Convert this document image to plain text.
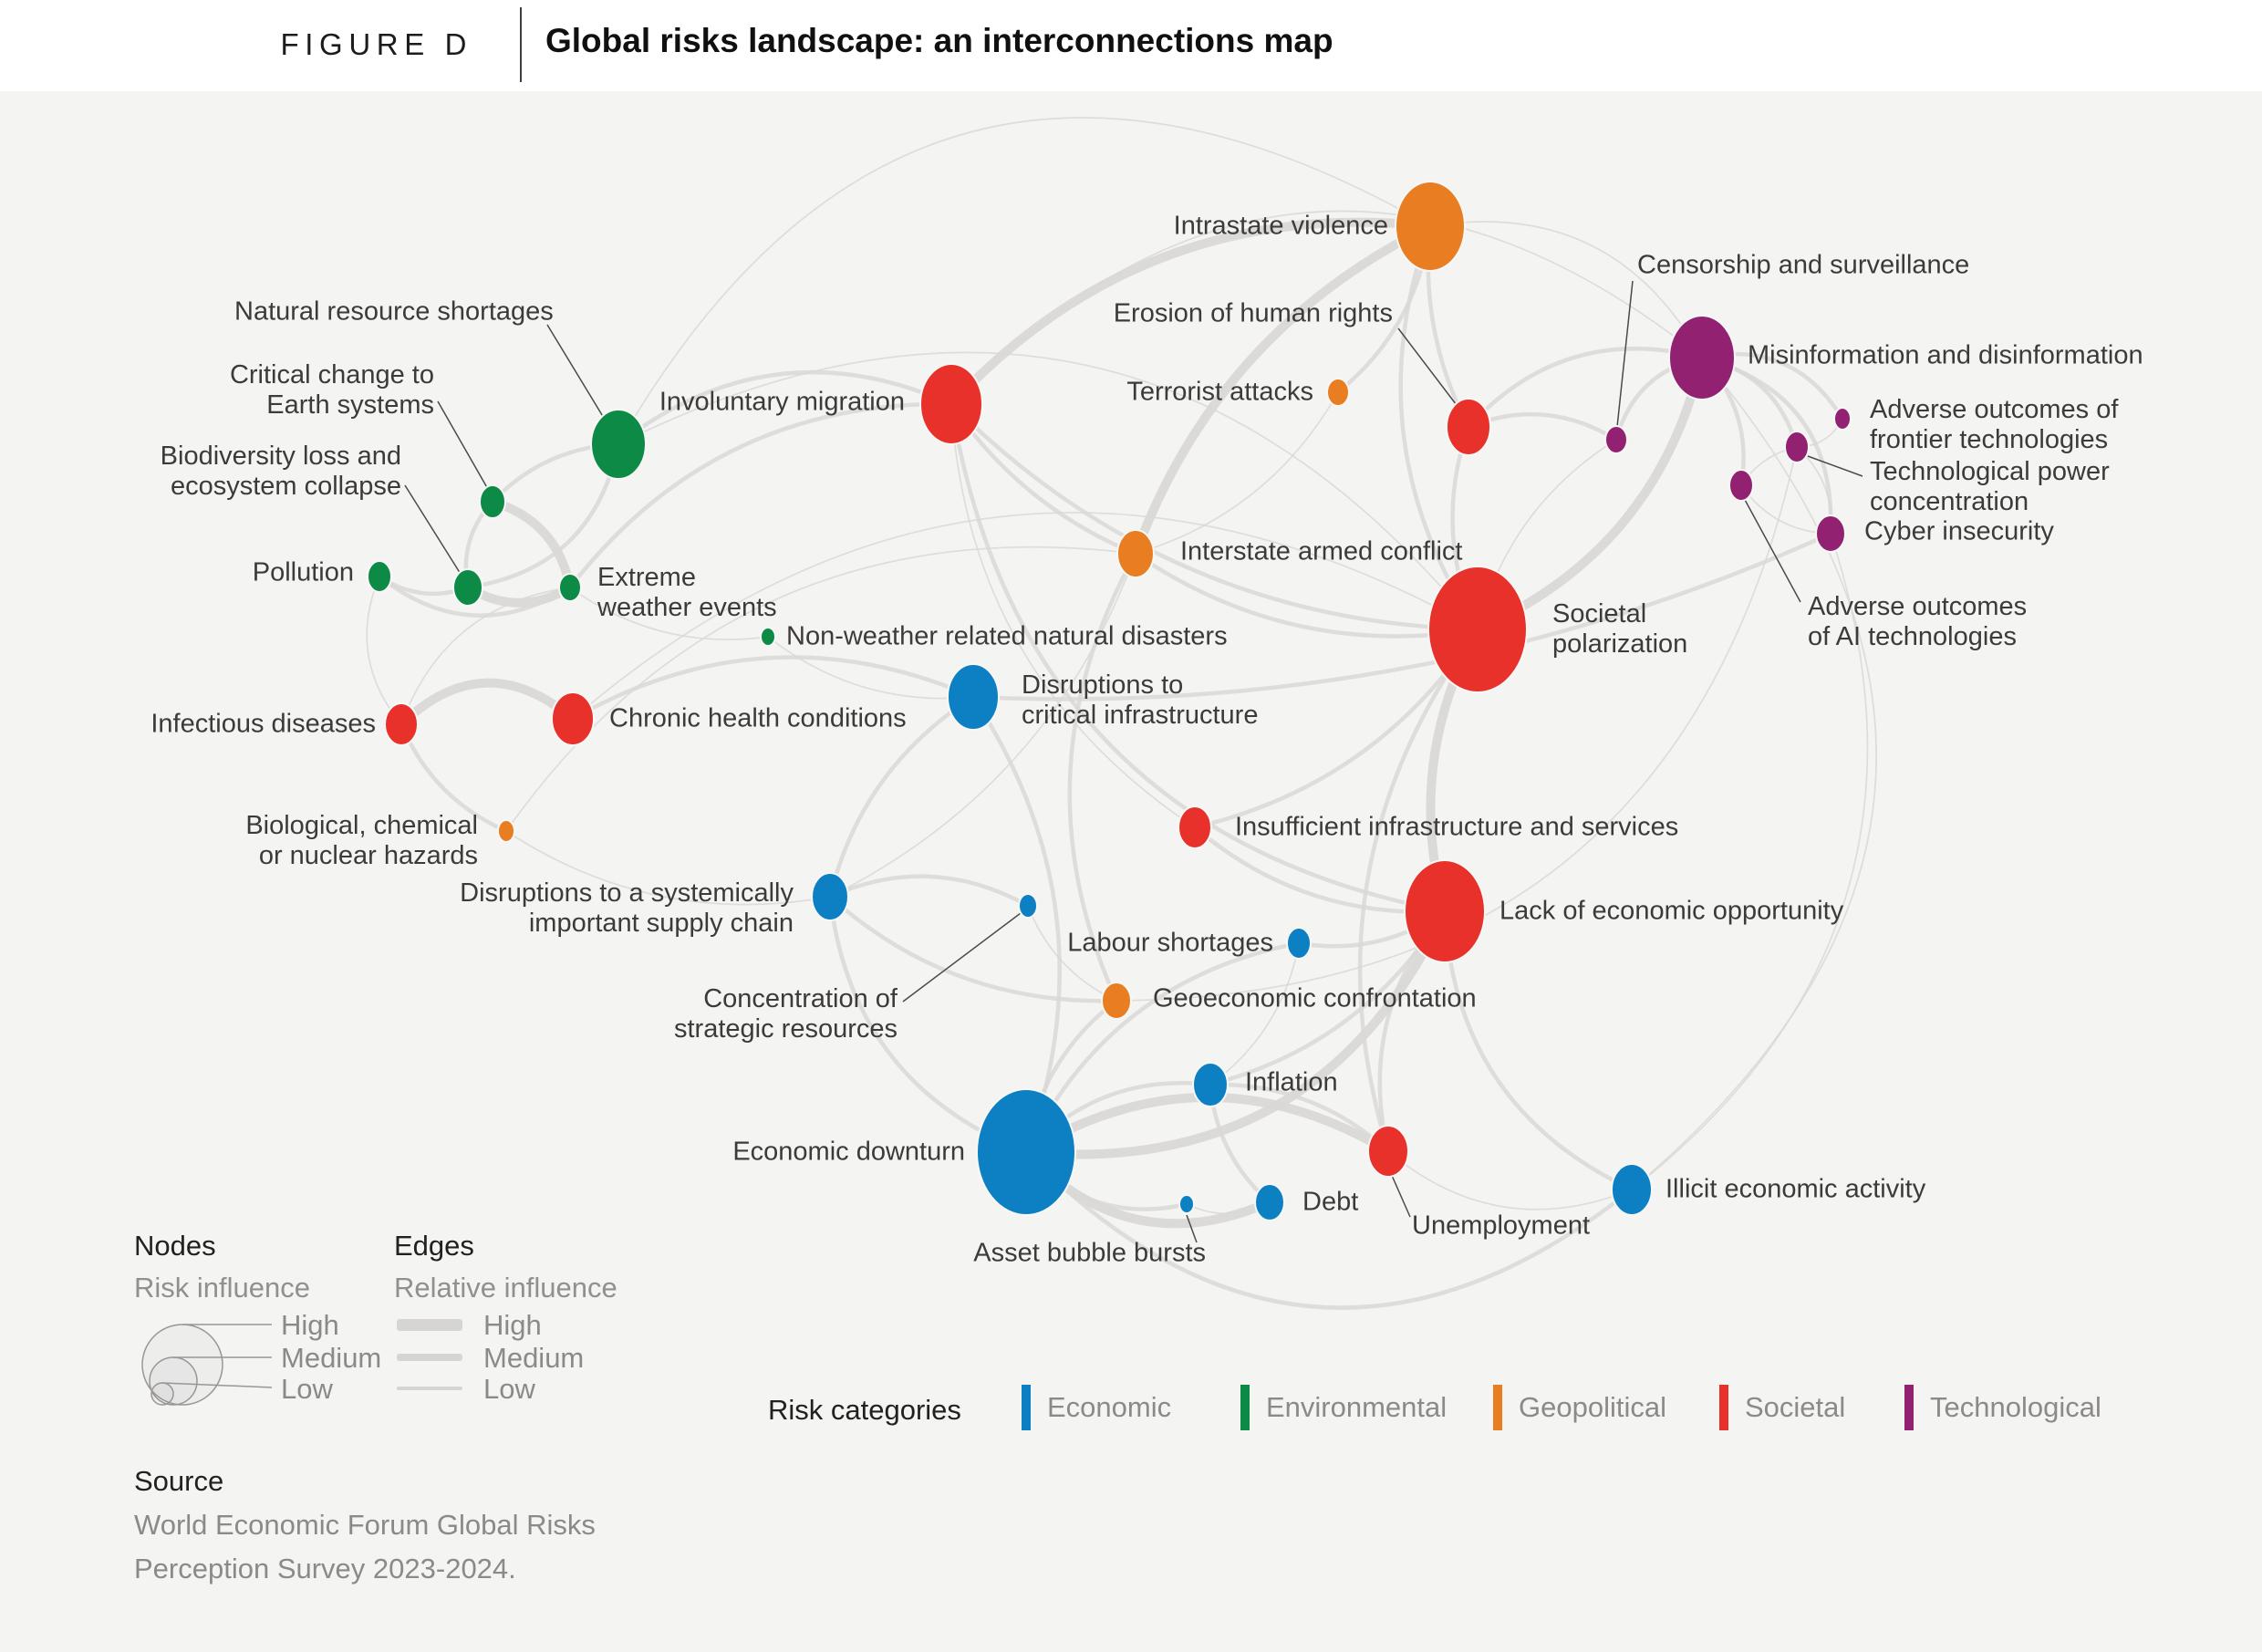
FIGURE D Global risks landscape: an interconnections map
Intrastate violence
Censorship and surveillance
Misinformation and disinformation
Erosion of human rights
Terrorist attacks
Adverse outcomes of
frontier technologies
Technological power
concentration
Adverse outcomes
of AI technologies
Cyber insecurity
Natural resource shortages
Critical change to
Earth systems
Biodiversity loss and
ecosystem collapse
Pollution	Extreme
weather events
Non-weather related natural disasters
Involuntary migration
Interstate armed conflict
Societal
polarization
Disruptions to
critical infrastructure
Infectious diseases	Chronic health conditions
Biological, chemical
or nuclear hazards
Insufficient infrastructure and services
Disruptions to a systemically
important supply chain	Lack of economic opportunity
Concentration of
strategic resources
Labour shortages
Geoeconomic confrontation
Inflation
Economic downturn
Asset bubble bursts
Debt
Unemployment
Illicit economic activity
Nodes
Risk influence
High
Medium
Low
Edges
Relative influence
High
Medium
Low
Risk categories	Economic	Environmental	Geopolitical	Societal	Technological
Source
World Economic Forum Global Risks
Perception Survey 2023-2024.
